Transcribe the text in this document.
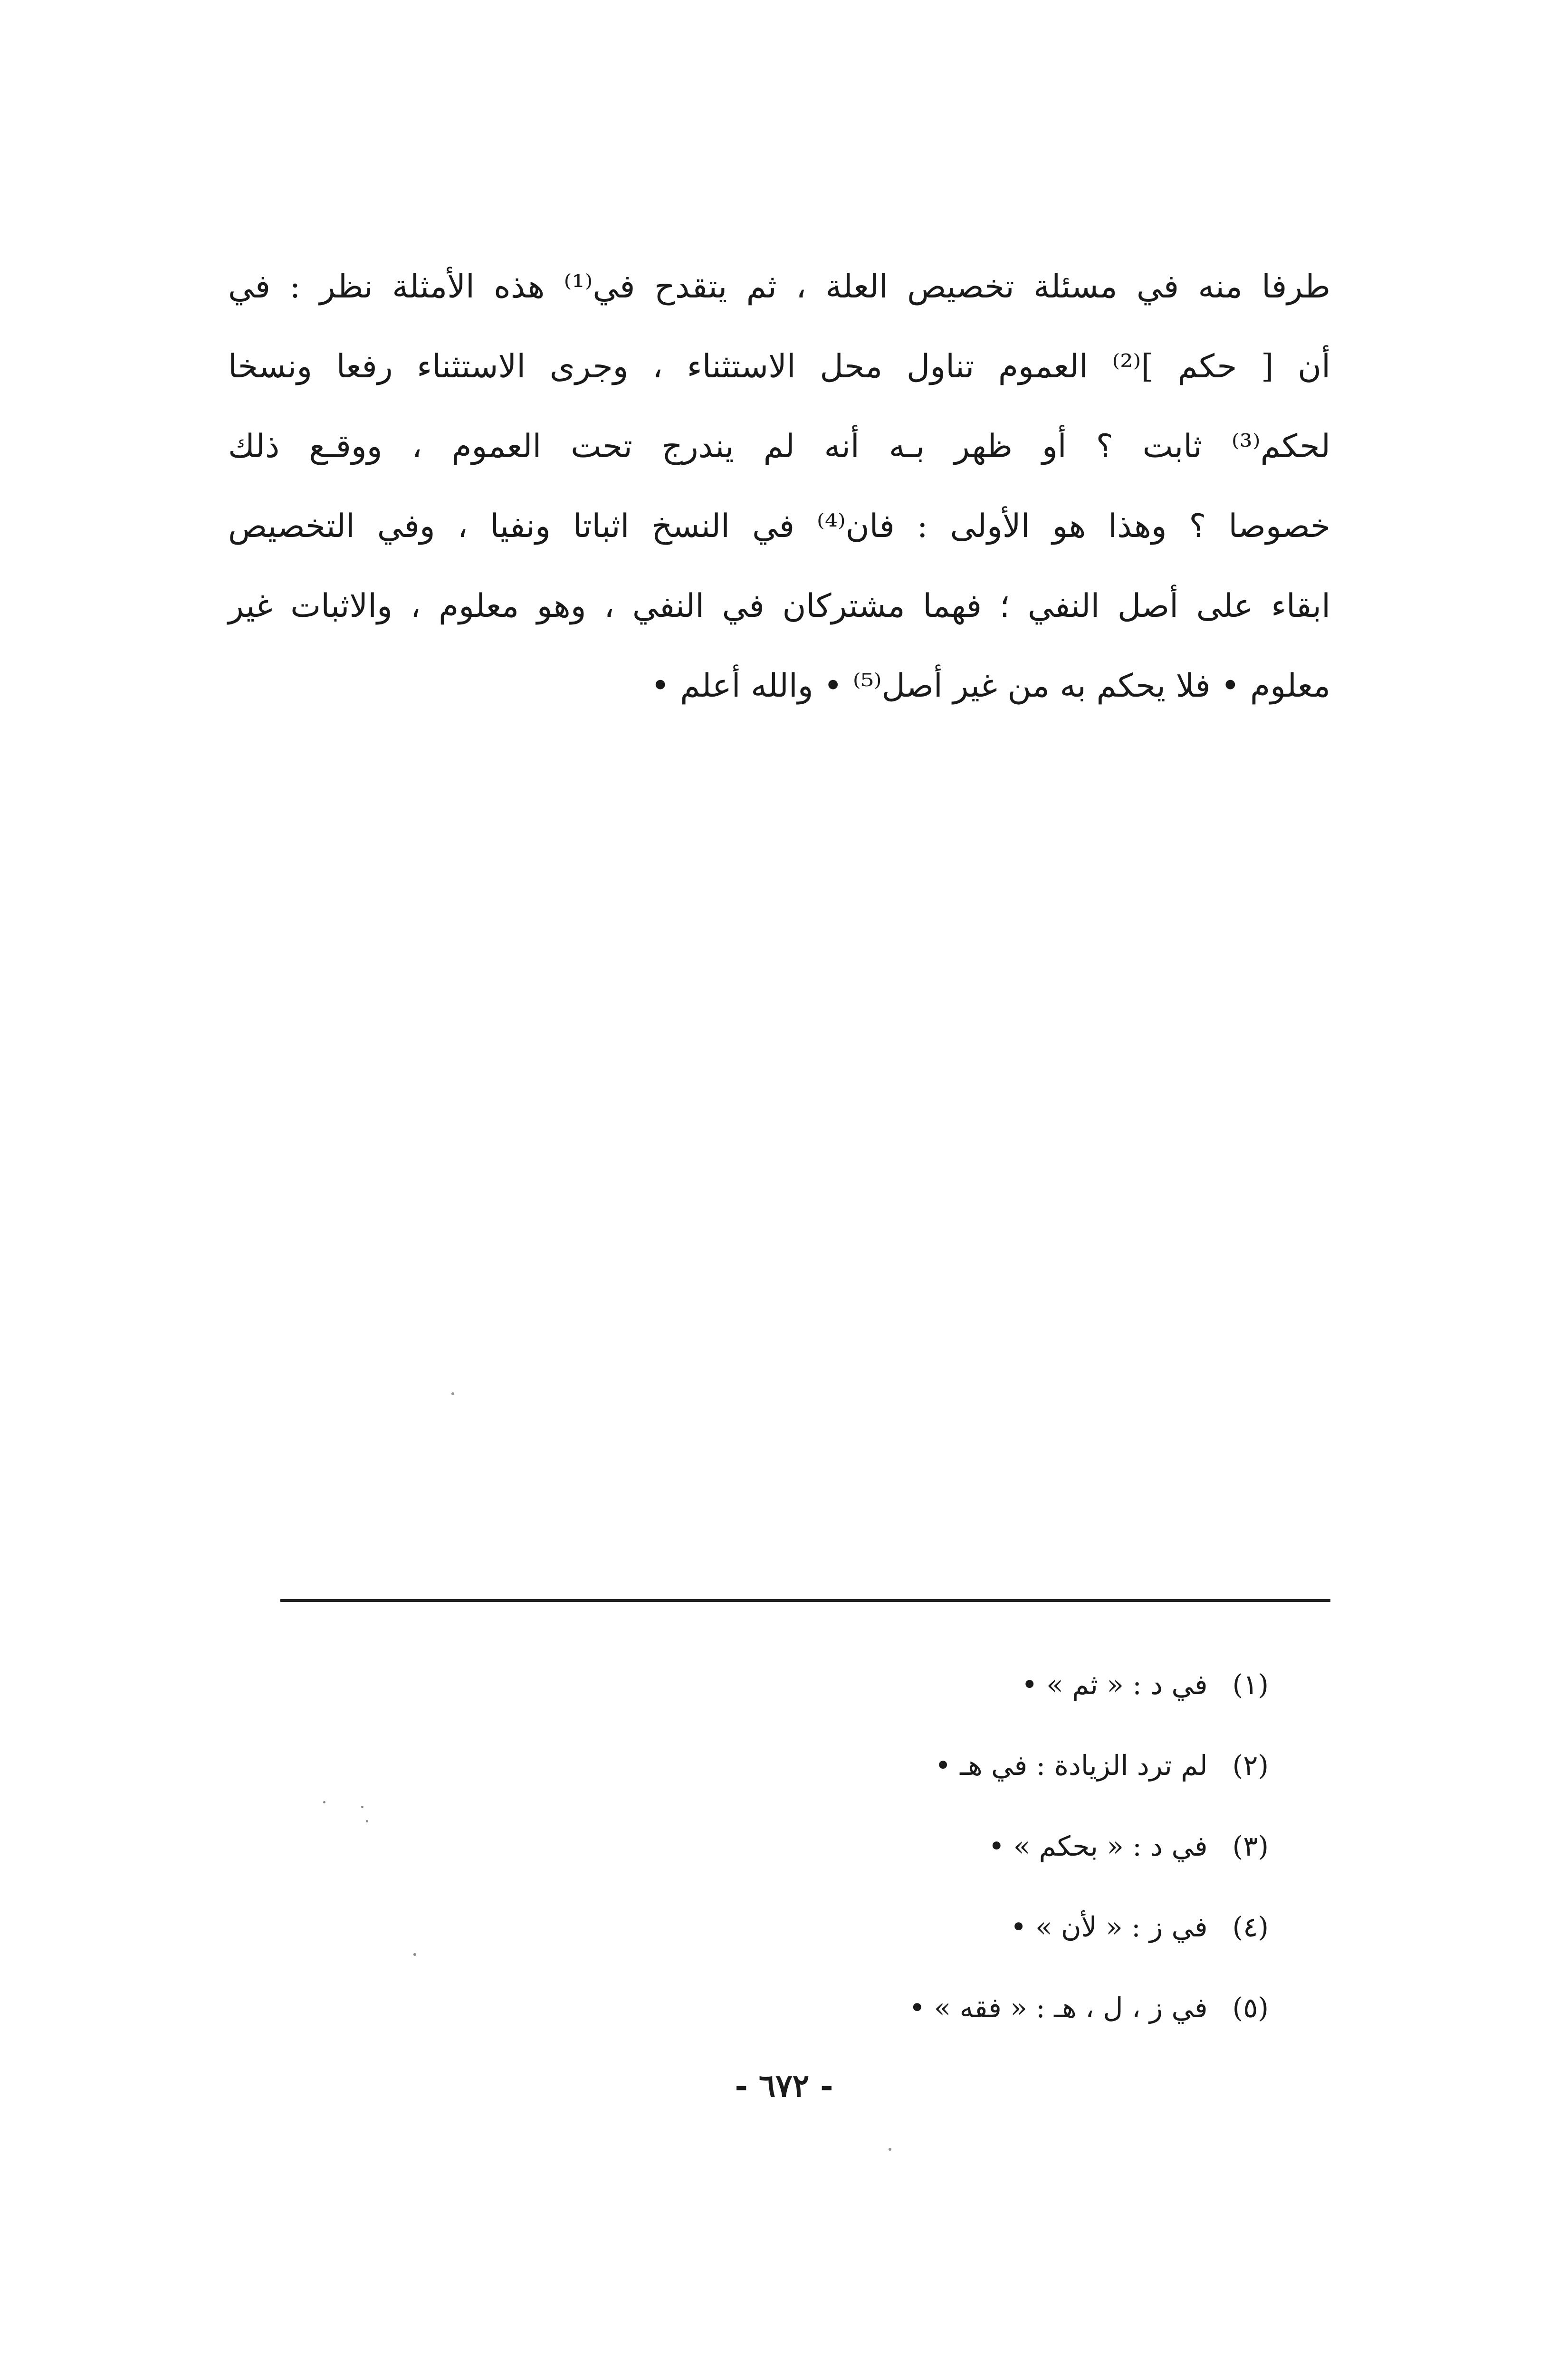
طرفا منه في مسئلة تخصيص العلة ، ثم يتقدح في⁽¹⁾ هذه الأمثلة نظر : في
أن [ حكم ]⁽²⁾ العموم تناول محل الاستثناء ، وجرى الاستثناء رفعا ونسخا
لحكم⁽³⁾ ثابت ؟ أو ظهر بـه أنه لم يندرج تحت العموم ، ووقـع ذلك
خصوصا ؟ وهذا هو الأولى : فان⁽⁴⁾ في النسخ اثباتا ونفيا ، وفي التخصيص
ابقاء على أصل النفي ؛ فهما مشتركان في النفي ، وهو معلوم ، والاثبات غير
معلوم • فلا يحكم به من غير أصل⁽⁵⁾ • والله أعلم •
(١) في د : « ثم » •
(٢) لم ترد الزيادة : في هـ •
(٣) في د : « بحكم » •
(٤) في ز : « لأن » •
(٥) في ز ، ل ، هـ : « فقه » •
- ٦٧٢ -
